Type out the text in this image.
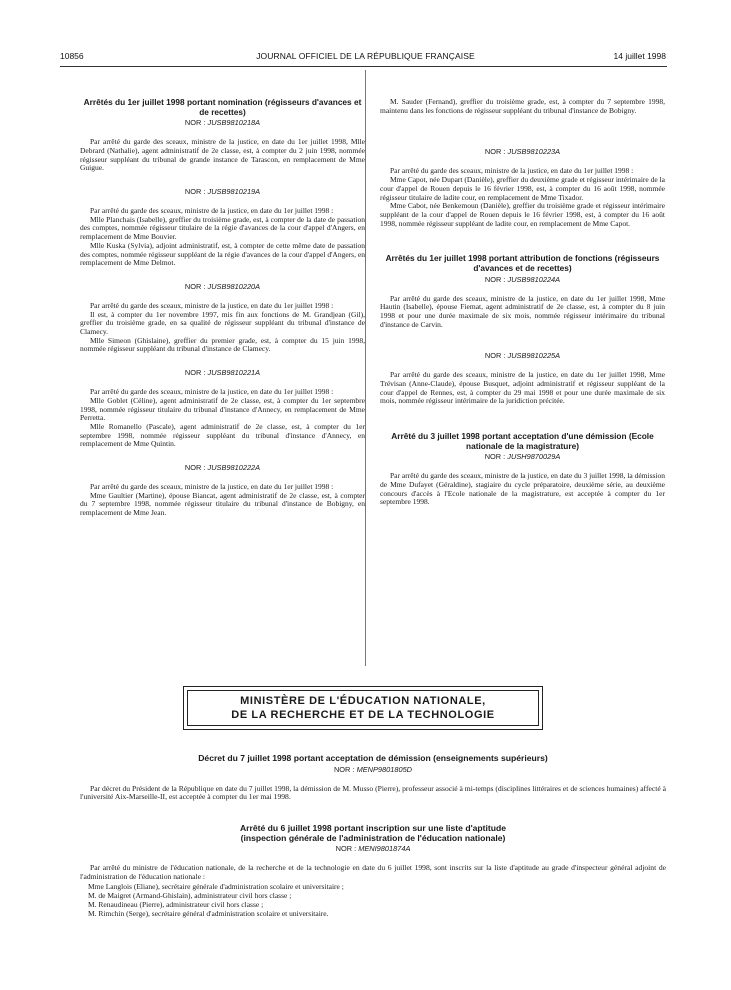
10856	JOURNAL OFFICIEL DE LA RÉPUBLIQUE FRANÇAISE	14 juillet 1998

Arrêtés du 1er juillet 1998 portant nomination (régisseurs d'avances et de recettes)

NOR : JUSB9810218A

Par arrêté du garde des sceaux, ministre de la justice, en date du 1er juillet 1998, Mlle Debrard (Nathalie), agent administratif de 2e classe, est, à compter du 2 juin 1998, nommée régisseur suppléant du tribunal de grande instance de Tarascon, en remplacement de Mme Guigue.

NOR : JUSB9810219A

Par arrêté du garde des sceaux, ministre de la justice, en date du 1er juillet 1998 :

Mlle Planchais (Isabelle), greffier du troisième grade, est, à compter de la date de passation des comptes, nommée régisseur titulaire de la régie d'avances de la cour d'appel d'Angers, en remplacement de Mme Bouvier.

Mlle Kuska (Sylvia), adjoint administratif, est, à compter de cette même date de passation des comptes, nommée régisseur suppléant de la régie d'avances de la cour d'appel d'Angers, en remplacement de Mme Delmot.

NOR : JUSB9810220A

Par arrêté du garde des sceaux, ministre de la justice, en date du 1er juillet 1998 :

Il est, à compter du 1er novembre 1997, mis fin aux fonctions de M. Grandjean (Gil), greffier du troisième grade, en sa qualité de régisseur suppléant du tribunal d'instance de Clamecy.

Mlle Simeon (Ghislaine), greffier du premier grade, est, à compter du 15 juin 1998, nommée régisseur suppléant du tribunal d'instance de Clamecy.

NOR : JUSB9810221A

Par arrêté du garde des sceaux, ministre de la justice, en date du 1er juillet 1998 :

Mlle Goblet (Céline), agent administratif de 2e classe, est, à compter du 1er septembre 1998, nommée régisseur titulaire du tribunal d'instance d'Annecy, en remplacement de Mme Perretta.

Mlle Romanello (Pascale), agent administratif de 2e classe, est, à compter du 1er septembre 1998, nommée régisseur suppléant du tribunal d'instance d'Annecy, en remplacement de Mme Quintin.

NOR : JUSB9810222A

Par arrêté du garde des sceaux, ministre de la justice, en date du 1er juillet 1998 :

Mme Gaultier (Martine), épouse Biancat, agent administratif de 2e classe, est, à compter du 7 septembre 1998, nommée régisseur titulaire du tribunal d'instance de Bobigny, en remplacement de Mme Jean.

M. Sauder (Fernand), greffier du troisième grade, est, à compter du 7 septembre 1998, maintenu dans les fonctions de régisseur suppléant du tribunal d'instance de Bobigny.

NOR : JUSB9810223A

Par arrêté du garde des sceaux, ministre de la justice, en date du 1er juillet 1998 :

Mme Capot, née Dupart (Danièle), greffier du deuxième grade et régisseur intérimaire de la cour d'appel de Rouen depuis le 16 février 1998, est, à compter du 16 août 1998, nommée régisseur titulaire de ladite cour, en remplacement de Mme Tixador.

Mme Cabot, née Benkemoun (Danièle), greffier du troisième grade et régisseur intérimaire suppléant de la cour d'appel de Rouen depuis le 16 février 1998, est, à compter du 16 août 1998, nommée régisseur suppléant de ladite cour, en remplacement de Mme Capot.

Arrêtés du 1er juillet 1998 portant attribution de fonctions (régisseurs d'avances et de recettes)

NOR : JUSB9810224A

Par arrêté du garde des sceaux, ministre de la justice, en date du 1er juillet 1998, Mme Hautin (Isabelle), épouse Fiemat, agent administratif de 2e classe, est, à compter du 8 juin 1998 et pour une durée maximale de six mois, nommée régisseur intérimaire du tribunal d'instance de Carvin.

NOR : JUSB9810225A

Par arrêté du garde des sceaux, ministre de la justice, en date du 1er juillet 1998, Mme Trévisan (Anne-Claude), épouse Busquet, adjoint administratif et régisseur suppléant de la cour d'appel de Rennes, est, à compter du 29 mai 1998 et pour une durée maximale de six mois, nommée régisseur intérimaire de la juridiction précitée.

Arrêté du 3 juillet 1998 portant acceptation d'une démission (Ecole nationale de la magistrature)

NOR : JUSH9870029A

Par arrêté du garde des sceaux, ministre de la justice, en date du 3 juillet 1998, la démission de Mme Dufayet (Géraldine), stagiaire du cycle préparatoire, deuxième série, au deuxième concours d'accès à l'Ecole nationale de la magistrature, est acceptée à compter du 1er septembre 1998.

MINISTÈRE DE L'ÉDUCATION NATIONALE,

DE LA RECHERCHE ET DE LA TECHNOLOGIE

Décret du 7 juillet 1998 portant acceptation de démission (enseignements supérieurs)

NOR : MENP9801805D

Par décret du Président de la République en date du 7 juillet 1998, la démission de M. Musso (Pierre), professeur associé à mi-temps (disciplines littéraires et de sciences humaines) affecté à l'université Aix-Marseille-II, est acceptée à compter du 1er mai 1998.

Arrêté du 6 juillet 1998 portant inscription sur une liste d'aptitude

(inspection générale de l'administration de l'éducation nationale)

NOR : MENI9801874A

Par arrêté du ministre de l'éducation nationale, de la recherche et de la technologie en date du 6 juillet 1998, sont inscrits sur la liste d'aptitude au grade d'inspecteur général adjoint de l'administration de l'éducation nationale :

Mme Langlois (Eliane), secrétaire générale d'administration scolaire et universitaire ;

M. de Maigret (Armand-Ghislain), administrateur civil hors classe ;

M. Renaudineau (Pierre), administrateur civil hors classe ;

M. Rimchin (Serge), secrétaire général d'administration scolaire et universitaire.
